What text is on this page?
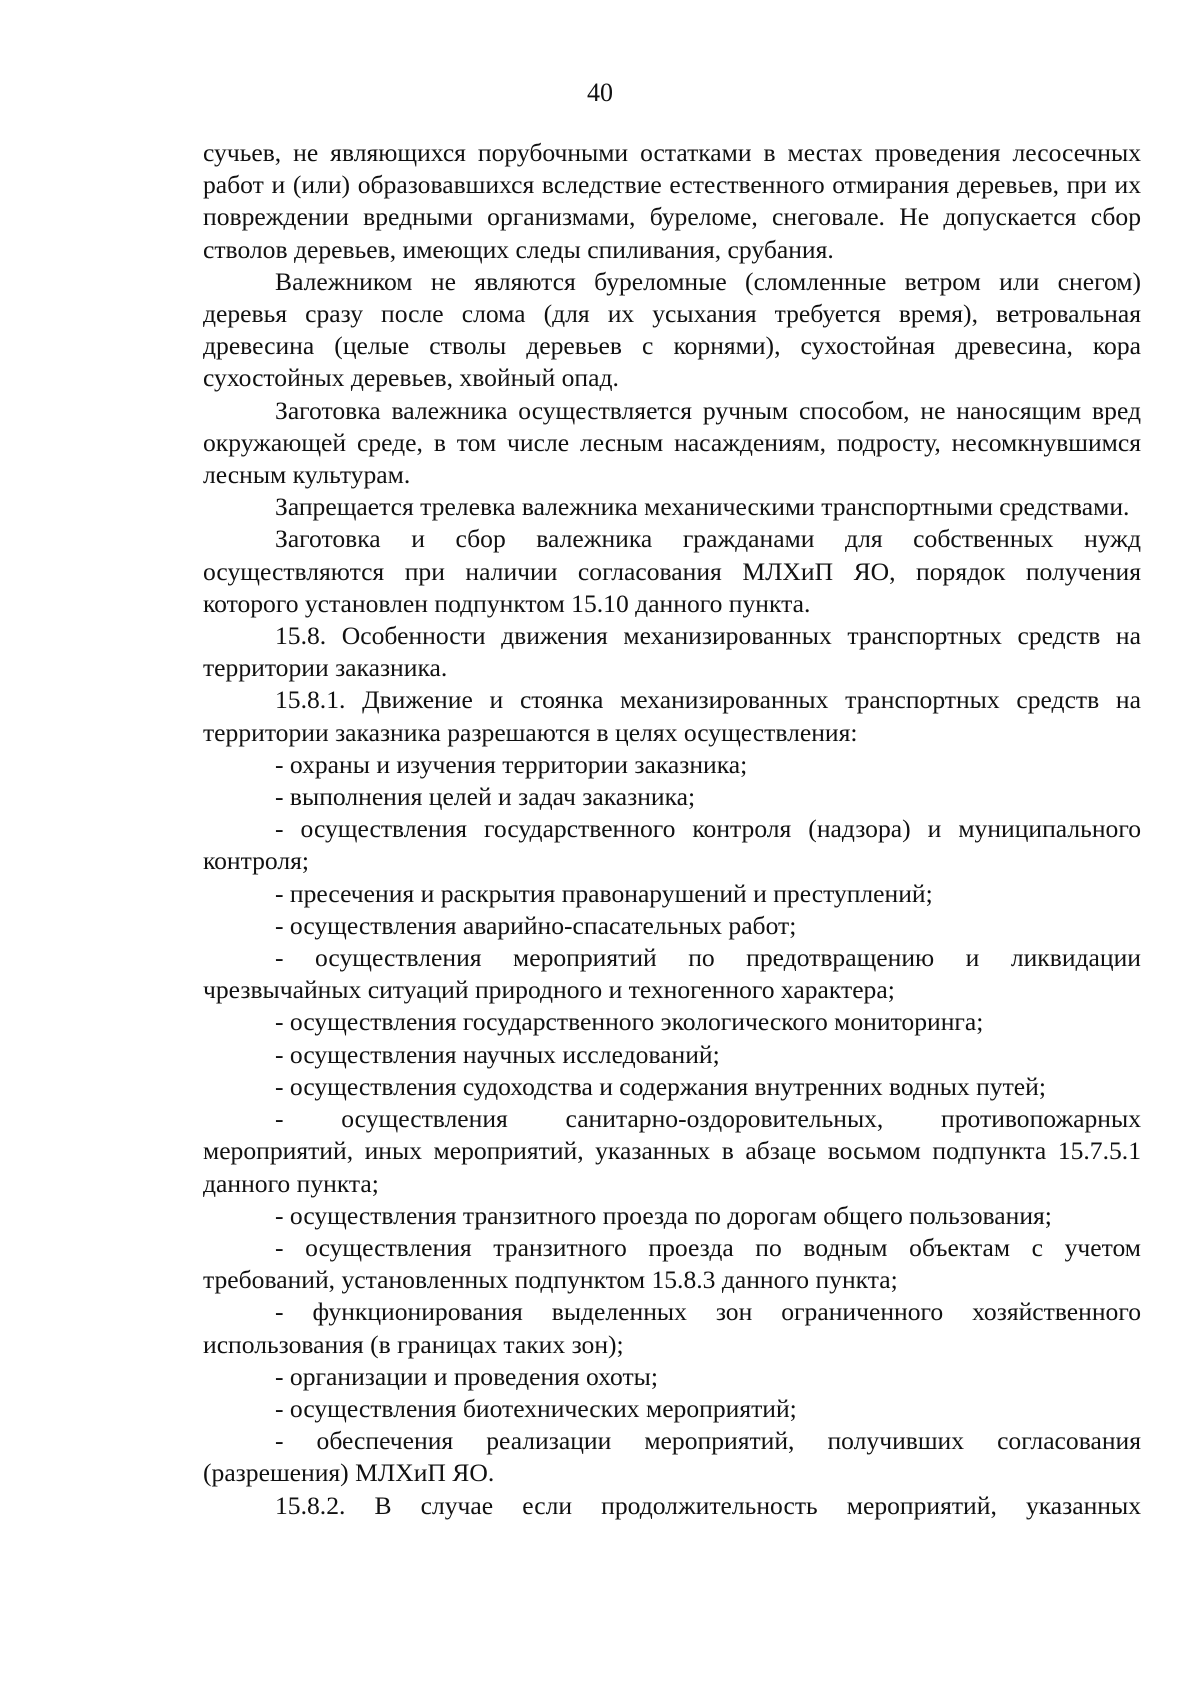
40

сучьев, не являющихся порубочными остатками в местах проведения лесосечных работ и (или) образовавшихся вследствие естественного отмирания деревьев, при их повреждении вредными организмами, буреломе, снеговале. Не допускается сбор стволов деревьев, имеющих следы спиливания, срубания.

Валежником не являются буреломные (сломленные ветром или снегом) деревья сразу после слома (для их усыхания требуется время), ветровальная древесина (целые стволы деревьев с корнями), сухостойная древесина, кора сухостойных деревьев, хвойный опад.

Заготовка валежника осуществляется ручным способом, не наносящим вред окружающей среде, в том числе лесным насаждениям, подросту, несомкнувшимся лесным культурам.

Запрещается трелевка валежника механическими транспортными средствами.

Заготовка и сбор валежника гражданами для собственных нужд осуществляются при наличии согласования МЛХиП ЯО, порядок получения которого установлен подпунктом 15.10 данного пункта.

15.8. Особенности движения механизированных транспортных средств на территории заказника.

15.8.1. Движение и стоянка механизированных транспортных средств на территории заказника разрешаются в целях осуществления:

- охраны и изучения территории заказника;

- выполнения целей и задач заказника;

- осуществления государственного контроля (надзора) и муниципального контроля;

- пресечения и раскрытия правонарушений и преступлений;

- осуществления аварийно-спасательных работ;

- осуществления мероприятий по предотвращению и ликвидации чрезвычайных ситуаций природного и техногенного характера;

- осуществления государственного экологического мониторинга;

- осуществления научных исследований;

- осуществления судоходства и содержания внутренних водных путей;

- осуществления санитарно-оздоровительных, противопожарных мероприятий, иных мероприятий, указанных в абзаце восьмом подпункта 15.7.5.1 данного пункта;

- осуществления транзитного проезда по дорогам общего пользования;

- осуществления транзитного проезда по водным объектам с учетом требований, установленных подпунктом 15.8.3 данного пункта;

- функционирования выделенных зон ограниченного хозяйственного использования (в границах таких зон);

- организации и проведения охоты;

- осуществления биотехнических мероприятий;

- обеспечения реализации мероприятий, получивших согласования (разрешения) МЛХиП ЯО.

15.8.2. В случае если продолжительность мероприятий, указанных
